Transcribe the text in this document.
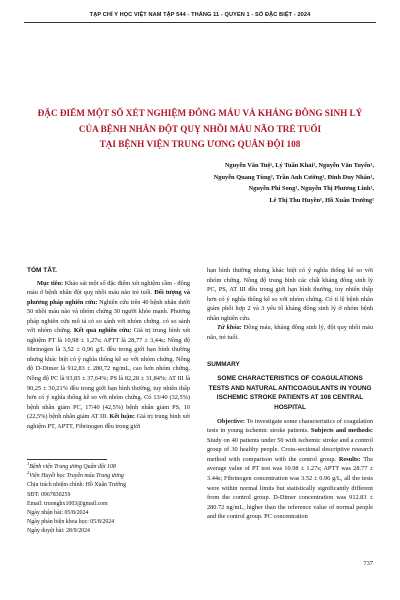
TẠP CHÍ Y HỌC VIỆT NAM TẬP 544 - THÁNG 11 - QUYỂN 1 - SỐ ĐẶC BIỆT - 2024
ĐẶC ĐIỂM MỘT SỐ XÉT NGHIỆM ĐÔNG MÁU VÀ KHÁNG ĐÔNG SINH LÝ
CỦA BỆNH NHÂN ĐỘT QUỴ NHỒI MÁU NÃO TRẺ TUỔI
TẠI BỆNH VIỆN TRUNG ƯƠNG QUÂN ĐỘI 108
Nguyễn Văn Tuệ¹, Lý Tuấn Khải¹, Nguyễn Văn Tuyến¹,
Nguyễn Quang Tùng², Trần Anh Cường¹, Đinh Duy Nhân¹,
Nguyễn Phi Song¹, Nguyễn Thị Phương Linh¹,
Lê Thị Thu Huyền¹, Hồ Xuân Trường¹
TÓM TẮT.

Mục tiêu: Khảo sát một số đặc điểm xét nghiệm cầm - đông máu ở bệnh nhân đột quỵ nhồi máu não trẻ tuổi. Đối tượng và phương pháp nghiên cứu: Nghiên cứu trên 40 bệnh nhân dưới 50 nhồi máu não và nhóm chứng 30 người khỏe mạnh. Phương pháp nghiên cứu mô tả có so sánh với nhóm chứng. có so sánh với nhóm chứng. Kết quả nghiên cứu: Giá trị trung bình xét nghiệm PT là 10,98 ± 1,27s; APTT là 28,77 ± 3,44s; Nồng độ fibrinogen là 3,52 ± 0,96 g/L đều trong giới hạn bình thường nhưng khác biệt có ý nghĩa thống kê so với nhóm chứng. Nồng độ D-Dimer là 912,83 ± 280,72 ng/mL, cao hơn nhóm chứng. Nồng độ PC là 93,85 ± 37,64%; PS là 82,28 ± 31,84%; AT III là 90,25 ± 30,21% đều trong giới hạn bình thường, tuy nhiên thấp hơn có ý nghĩa thống kê so với nhóm chứng. Có 13/40 (32,5%) bệnh nhân giảm PC, 17/40 (42,5%) bệnh nhân giảm PS, 10 (22,5%) bệnh nhân giảm AT III. Kết luận: Giá trị trung bình xét nghiệm PT, APTT, Fibrinogen đều trong giới

$^1$Bệnh viện Trung ương Quân đội 108
$^2$Viện Huyết học Truyền máu Trung ương
Chịu trách nhiệm chính: Hồ Xuân Trường
SĐT: 0967830259
Email: truonghx1003@gmail.com
Ngày nhận bài: 05/8/2024
Ngày phản biện khoa học: 05/8/2024
Ngày duyệt bài: 28/9/2024

hạn bình thường nhưng khác biệt có ý nghĩa thống kê so với nhóm chứng. Nồng độ trung bình các chất kháng đông sinh lý PC, PS, AT III đều trong giới hạn bình thường, tuy nhiên thấp hơn có ý nghĩa thống kê so với nhóm chứng. Có tỉ lệ bệnh nhân giảm phối hợp 2 và 3 yếu tố kháng đông sinh lý ở nhóm bệnh nhân nghiên cứu.

Từ khóa: Đông máu, kháng đông sinh lý, đột quỵ nhồi máu não, trẻ tuổi.

SUMMARY
SOME CHARACTERISTICS OF COAGULATIONS TESTS AND NATURAL ANTICOAGULANTS IN YOUNG ISCHEMIC STROKE PATIENTS AT 108 CENTRAL HOSPITAL

Objective: To investigate some characteristics of coagulation tests in young ischemic stroke patients. Subjects and methods: Study on 40 patients under 50 with ischemic stroke and a control group of 30 healthy people. Cross-sectional descriptive research method with comparison with the control group. Results: The average value of PT test was 10.98 ± 1.27s; APTT was 28.77 ± 3.44s; Fibrinogen concentration was 3.52 ± 0.96 g/L, all the tests were within normal limits but statistically significantly different from the control group. D-Dimer concentration was 912.83 ± 280.72 ng/mL, higher than the reference value of normal people and the control group. PC concentration

737
